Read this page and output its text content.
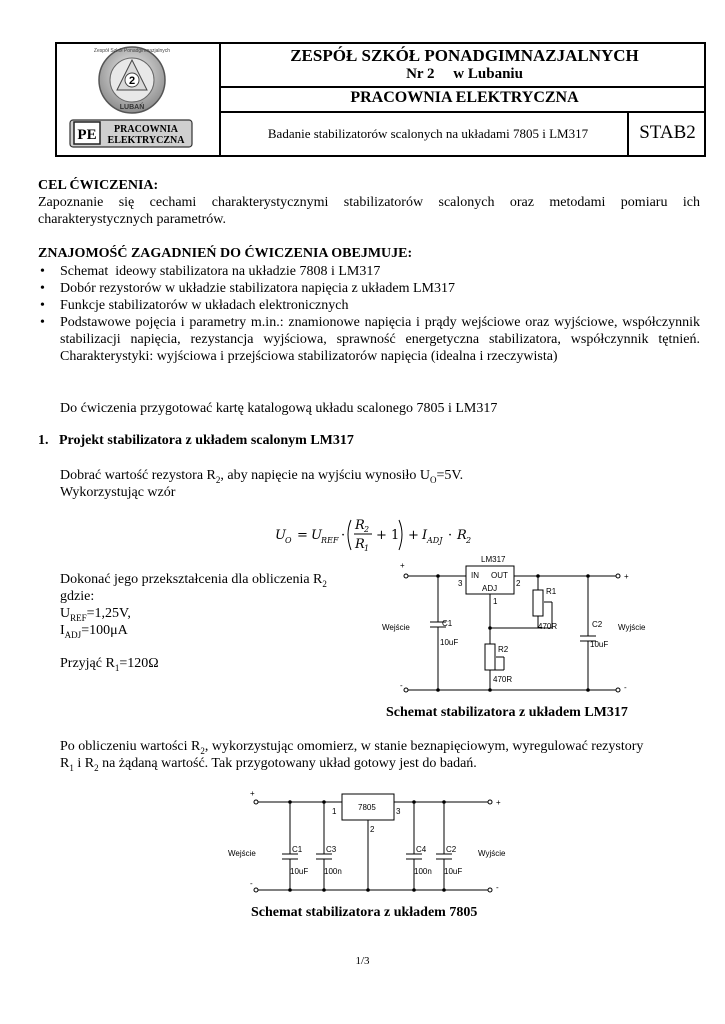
2
LUBAŃ
Zespół Szkół Ponadgimnazjalnych
PE PRACOWNIA
ELEKTRYCZNA
ZESPÓŁ SZKÓŁ PONADGIMNAZJALNYCH
Nr 2     w Lubaniu
PRACOWNIA ELEKTRYCZNA
Badanie stabilizatorów scalonych na układami 7805 i LM317	STAB2
CEL ĆWICZENIA:
Zapoznanie się cechami charakterystycznymi stabilizatorów scalonych oraz metodami pomiaru ich charakterystycznych parametrów.
ZNAJOMOŚĆ ZAGADNIEŃ DO ĆWICZENIA OBEJMUJE:
• Schemat  ideowy stabilizatora na układzie 7808 i LM317
• Dobór rezystorów w układzie stabilizatora napięcia z układem LM317
• Funkcje stabilizatorów w układach elektronicznych
• Podstawowe pojęcia i parametry m.in.: znamionowe napięcia i prądy wejściowe oraz wyjściowe, współczynnik stabilizacji napięcia, rezystancja wyjściowa, sprawność energetyczna stabilizatora, współczynnik tętnień. Charakterystyki: wyjściowa i przejściowa stabilizatorów napięcia (idealna i rzeczywista)
Do ćwiczenia przygotować kartę katalogową układu scalonego 7805 i LM317
1.   Projekt stabilizatora z układem scalonym LM317
Dobrać wartość rezystora $R_2$, aby napięcie na wyjściu wynosiło $U_O=5V$.
Wykorzystując wzór
U O = U REF ·
R 2
R 1
+ 1 + I ADJ · R 2
Dokonać jego przekształcenia dla obliczenia $R_2$
gdzie:
$U_{REF}=1,25V$,
$I_{ADJ}=100\mu A$
Przyjąć $R_1=120\Omega$
LM317
IN OUT
ADJ
3	2
1
C1
10uF
C2
10uF
R1
470R
R2
470R
Wejście	Wyjście
+
-
+
-
Schemat stabilizatora z układem LM317
Po obliczeniu wartości $R_2$, wykorzystując omomierz, w stanie beznapięciowym, wyregulować rezystory
$R_1$ i $R_2$ na żądaną wartość. Tak przygotowany układ gotowy jest do badań.
7805
1
2
3
C1
10uF
C3
100n
C4
100n
C2
10uF
Wejście	Wyjście
+
-
+
-
Schemat stabilizatora z układem 7805
1/3
